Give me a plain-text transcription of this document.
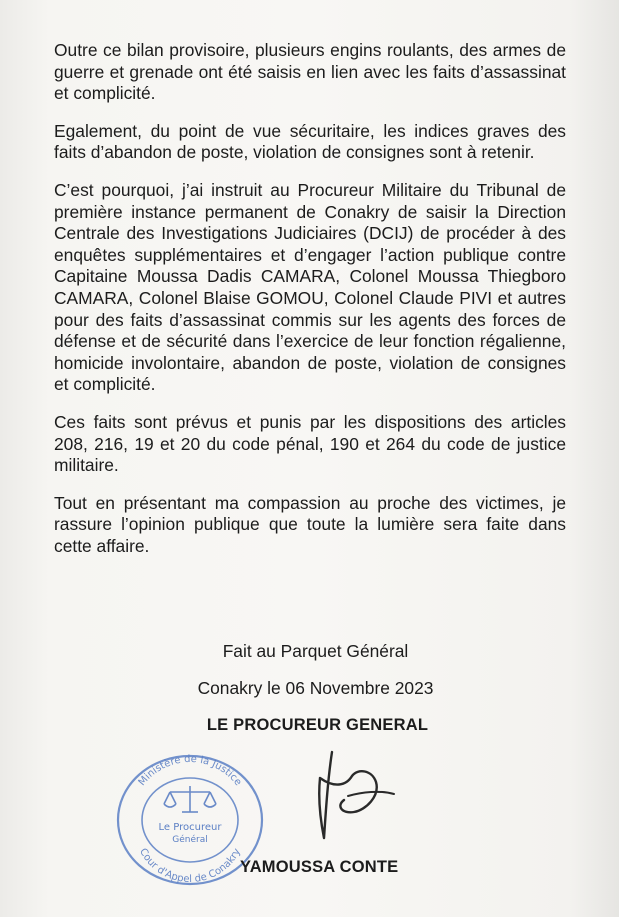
Outre ce bilan provisoire, plusieurs engins roulants, des armes de guerre et grenade ont été saisis en lien avec les faits d’assassinat et complicité.

Egalement, du point de vue sécuritaire, les indices graves des faits d’abandon de poste, violation de consignes sont à retenir.

C’est pourquoi, j’ai instruit au Procureur Militaire du Tribunal de première instance permanent de Conakry de saisir la Direction Centrale des Investigations Judiciaires (DCIJ) de procéder à des enquêtes supplémentaires et d’engager l’action publique contre Capitaine Moussa Dadis CAMARA, Colonel Moussa Thiegboro CAMARA, Colonel Blaise GOMOU, Colonel Claude PIVI et autres pour des faits d’assassinat commis sur les agents des forces de défense et de sécurité dans l’exercice de leur fonction régalienne, homicide involontaire, abandon de poste, violation de consignes et complicité.

Ces faits sont prévus et punis par les dispositions des articles 208, 216, 19 et 20 du code pénal, 190 et 264 du code de justice militaire.

Tout en présentant ma compassion au proche des victimes, je rassure l’opinion publique que toute la lumière sera faite dans cette affaire.

Fait au Parquet Général
Conakry le 06 Novembre 2023
LE PROCUREUR GENERAL
Ministère de la Justice
Cour d'Appel de Conakry
Le Procureur
Général
YAMOUSSA CONTE
